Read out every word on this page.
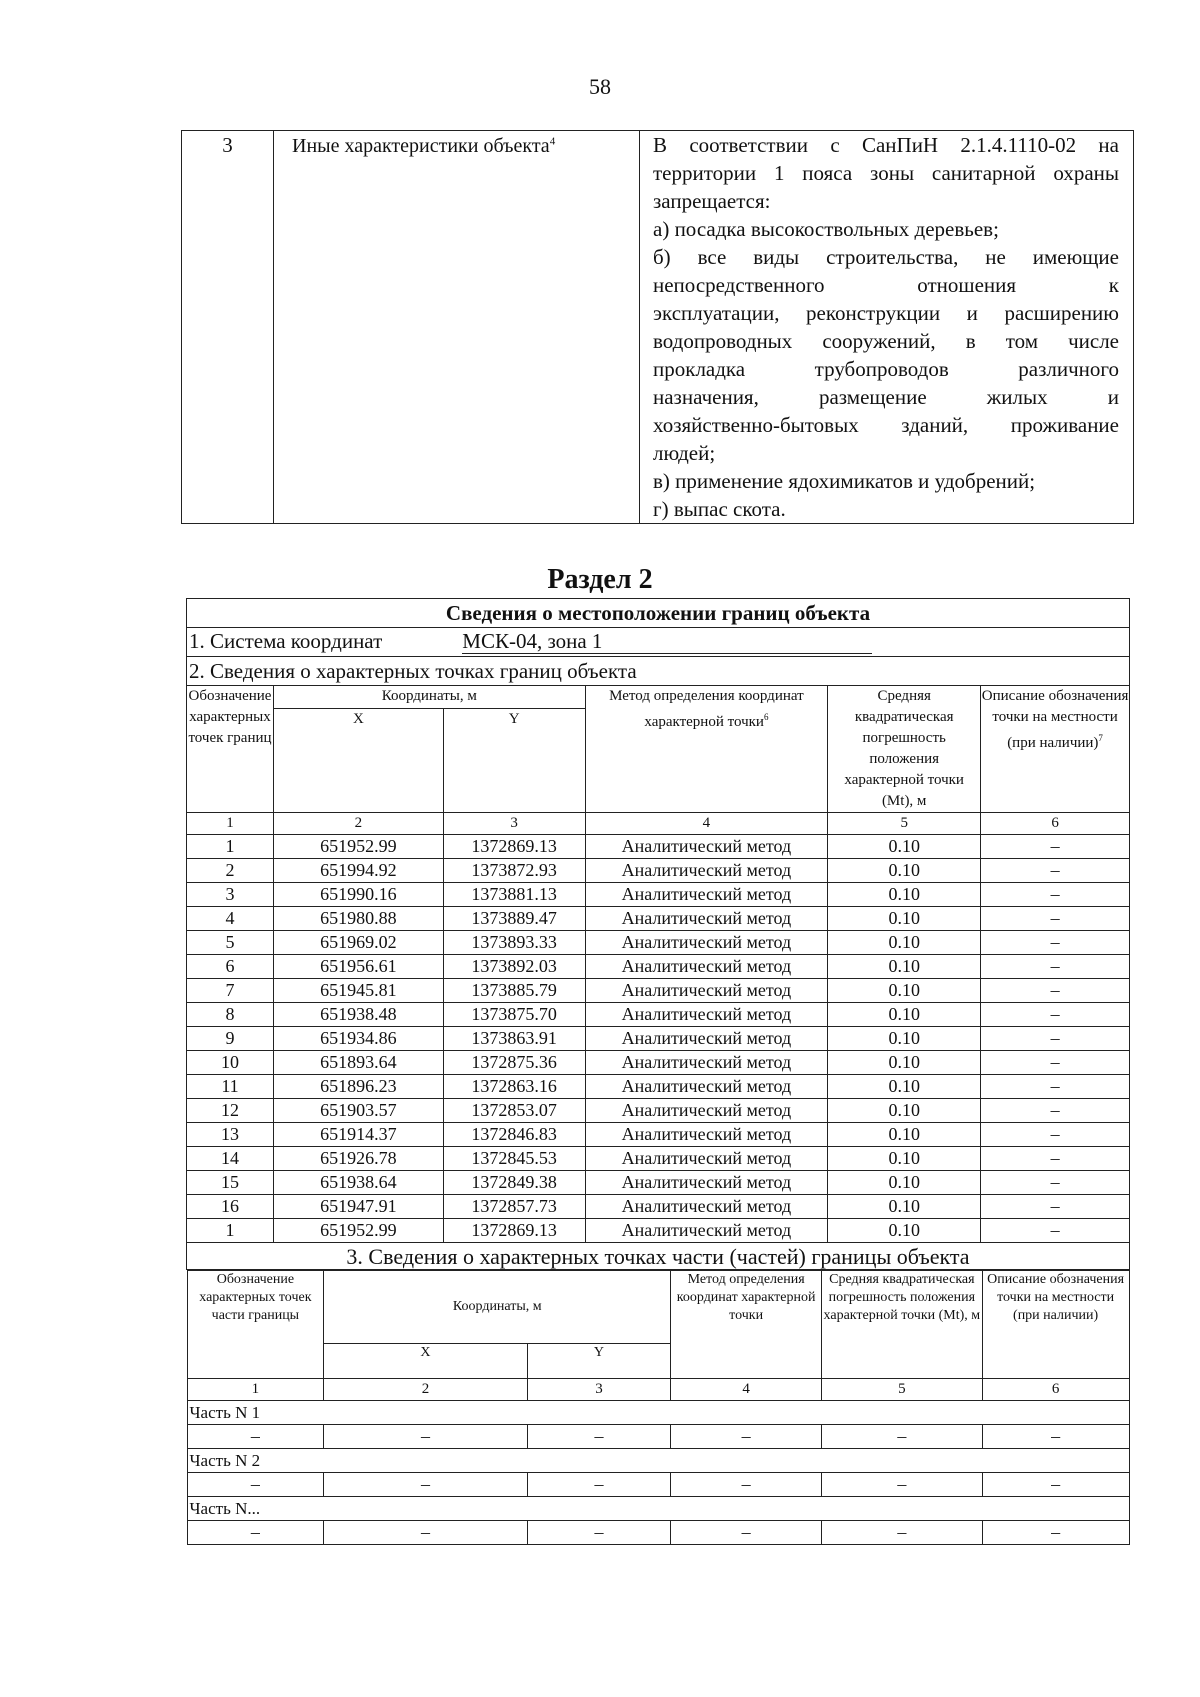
58
3	Иные характеристики объекта$^4$	В соответствии с СанПиН 2.1.4.1110-02 на
территории 1 пояса зоны санитарной охраны
запрещается:
а) посадка высокоствольных деревьев;
б) все виды строительства, не имеющие
непосредственного отношения к
эксплуатации, реконструкции и расширению
водопроводных сооружений, в том числе
прокладка трубопроводов различного
назначения, размещение жилых и
хозяйственно-бытовых зданий, проживание
людей;
в) применение ядохимикатов и удобрений;
г) выпас скота.
Раздел 2
Сведения о местоположении границ объекта
1. Система координат	МСК-04, зона 1
2. Сведения о характерных точках границ объекта
Обозначение характерных точек границ	Координаты, м	Метод определения координат характерной точки$^6$	Средняя квадратическая погрешность положения характерной точки (Mt), м	Описание обозначения точки на местности (при наличии)$^7$
X	Y
1	2	3	4	5	6
1	651952.99	1372869.13	Аналитический метод	0.10	–
2	651994.92	1373872.93	Аналитический метод	0.10	–
3	651990.16	1373881.13	Аналитический метод	0.10	–
4	651980.88	1373889.47	Аналитический метод	0.10	–
5	651969.02	1373893.33	Аналитический метод	0.10	–
6	651956.61	1373892.03	Аналитический метод	0.10	–
7	651945.81	1373885.79	Аналитический метод	0.10	–
8	651938.48	1373875.70	Аналитический метод	0.10	–
9	651934.86	1373863.91	Аналитический метод	0.10	–
10	651893.64	1372875.36	Аналитический метод	0.10	–
11	651896.23	1372863.16	Аналитический метод	0.10	–
12	651903.57	1372853.07	Аналитический метод	0.10	–
13	651914.37	1372846.83	Аналитический метод	0.10	–
14	651926.78	1372845.53	Аналитический метод	0.10	–
15	651938.64	1372849.38	Аналитический метод	0.10	–
16	651947.91	1372857.73	Аналитический метод	0.10	–
1	651952.99	1372869.13	Аналитический метод	0.10	–
3. Сведения о характерных точках части (частей) границы объекта

Обозначение характерных точек части границы	Координаты, м	Метод определения координат характерной точки	Средняя квадратическая погрешность положения характерной точки (Mt), м	Описание обозначения точки на местности (при наличии)
X	Y
1	2	3	4	5	6
Часть N 1
–	–	–	–	–	–
Часть N 2
–	–	–	–	–	–
Часть N...
–	–	–	–	–	–
